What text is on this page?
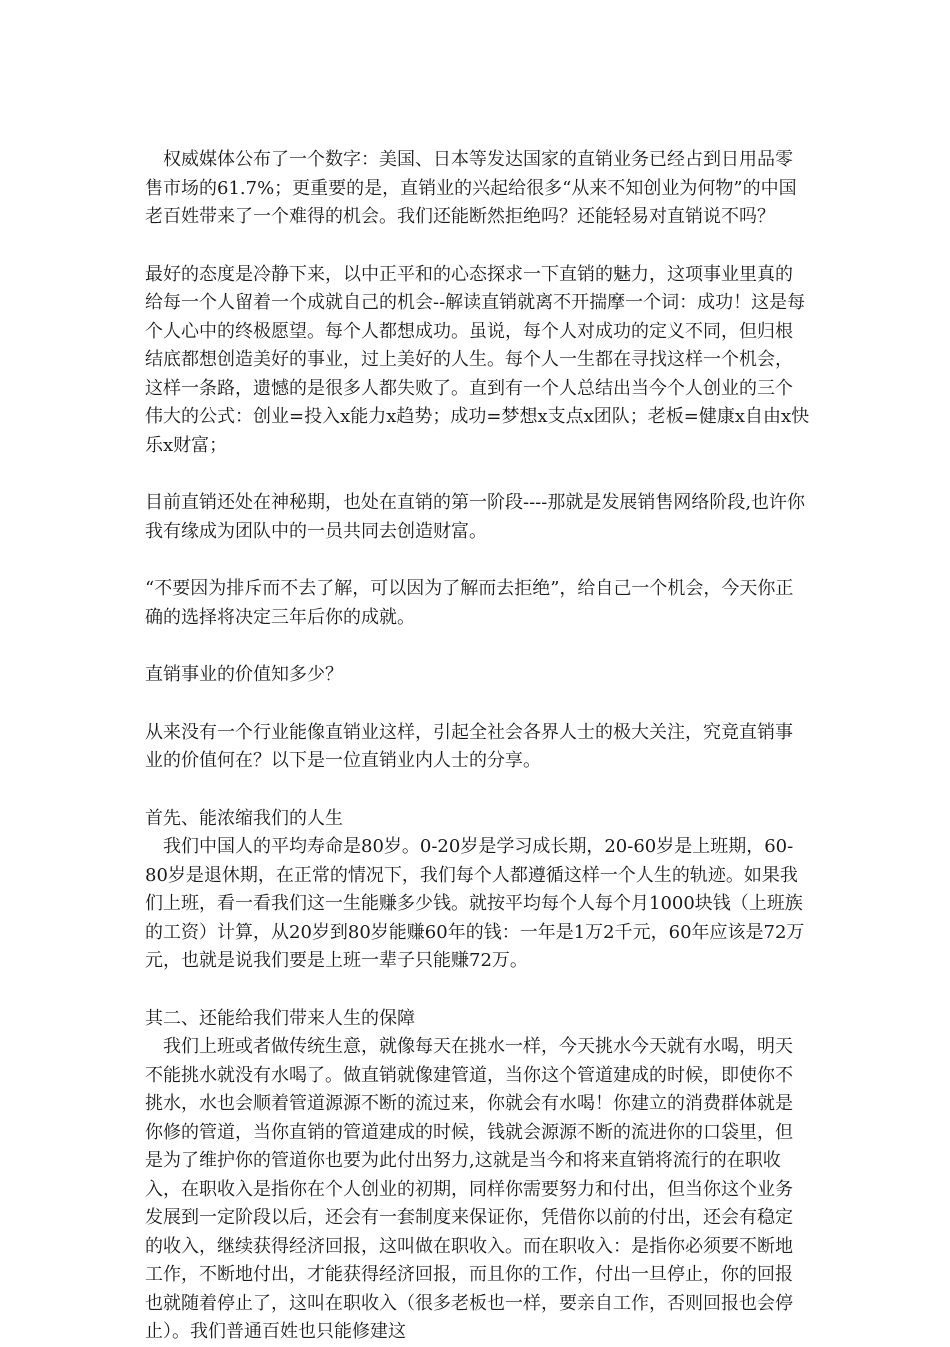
　权威媒体公布了一个数字：美国、日本等发达国家的直销业务已经占到日用品零售市场的61.7%；更重要的是，直销业的兴起给很多“从来不知创业为何物”的中国老百姓带来了一个难得的机会。我们还能断然拒绝吗？还能轻易对直销说不吗？

最好的态度是冷静下来，以中正平和的心态探求一下直销的魅力，这项事业里真的给每一个人留着一个成就自己的机会--解读直销就离不开揣摩一个词：成功！这是每个人心中的终极愿望。每个人都想成功。虽说，每个人对成功的定义不同，但归根结底都想创造美好的事业，过上美好的人生。每个人一生都在寻找这样一个机会，这样一条路，遗憾的是很多人都失败了。直到有一个人总结出当今个人创业的三个伟大的公式：创业=投入x能力x趋势；成功=梦想x支点x团队；老板=健康x自由x快乐x财富；

目前直销还处在神秘期，也处在直销的第一阶段----那就是发展销售网络阶段,也许你我有缘成为团队中的一员共同去创造财富。

“不要因为排斥而不去了解，可以因为了解而去拒绝”，给自己一个机会，今天你正确的选择将决定三年后你的成就。

直销事业的价值知多少？

从来没有一个行业能像直销业这样，引起全社会各界人士的极大关注，究竟直销事业的价值何在？以下是一位直销业内人士的分享。

首先、能浓缩我们的人生

　我们中国人的平均寿命是80岁。0-20岁是学习成长期，20-60岁是上班期，60-80岁是退休期，在正常的情况下，我们每个人都遵循这样一个人生的轨迹。如果我们上班，看一看我们这一生能赚多少钱。就按平均每个人每个月1000块钱（上班族的工资）计算，从20岁到80岁能赚60年的钱：一年是1万2千元，60年应该是72万元，也就是说我们要是上班一辈子只能赚72万。

其二、还能给我们带来人生的保障

　我们上班或者做传统生意，就像每天在挑水一样，今天挑水今天就有水喝，明天不能挑水就没有水喝了。做直销就像建管道，当你这个管道建成的时候，即使你不挑水，水也会顺着管道源源不断的流过来，你就会有水喝！你建立的消费群体就是你修的管道，当你直销的管道建成的时候，钱就会源源不断的流进你的口袋里，但是为了维护你的管道你也要为此付出努力,这就是当今和将来直销将流行的在职收入，在职收入是指你在个人创业的初期，同样你需要努力和付出，但当你这个业务发展到一定阶段以后，还会有一套制度来保证你，凭借你以前的付出，还会有稳定的收入，继续获得经济回报，这叫做在职收入。而在职收入：是指你必须要不断地工作，不断地付出，才能获得经济回报，而且你的工作，付出一旦停止，你的回报也就随着停止了，这叫在职收入（很多老板也一样，要亲自工作，否则回报也会停止）。我们普通百姓也只能修建这
